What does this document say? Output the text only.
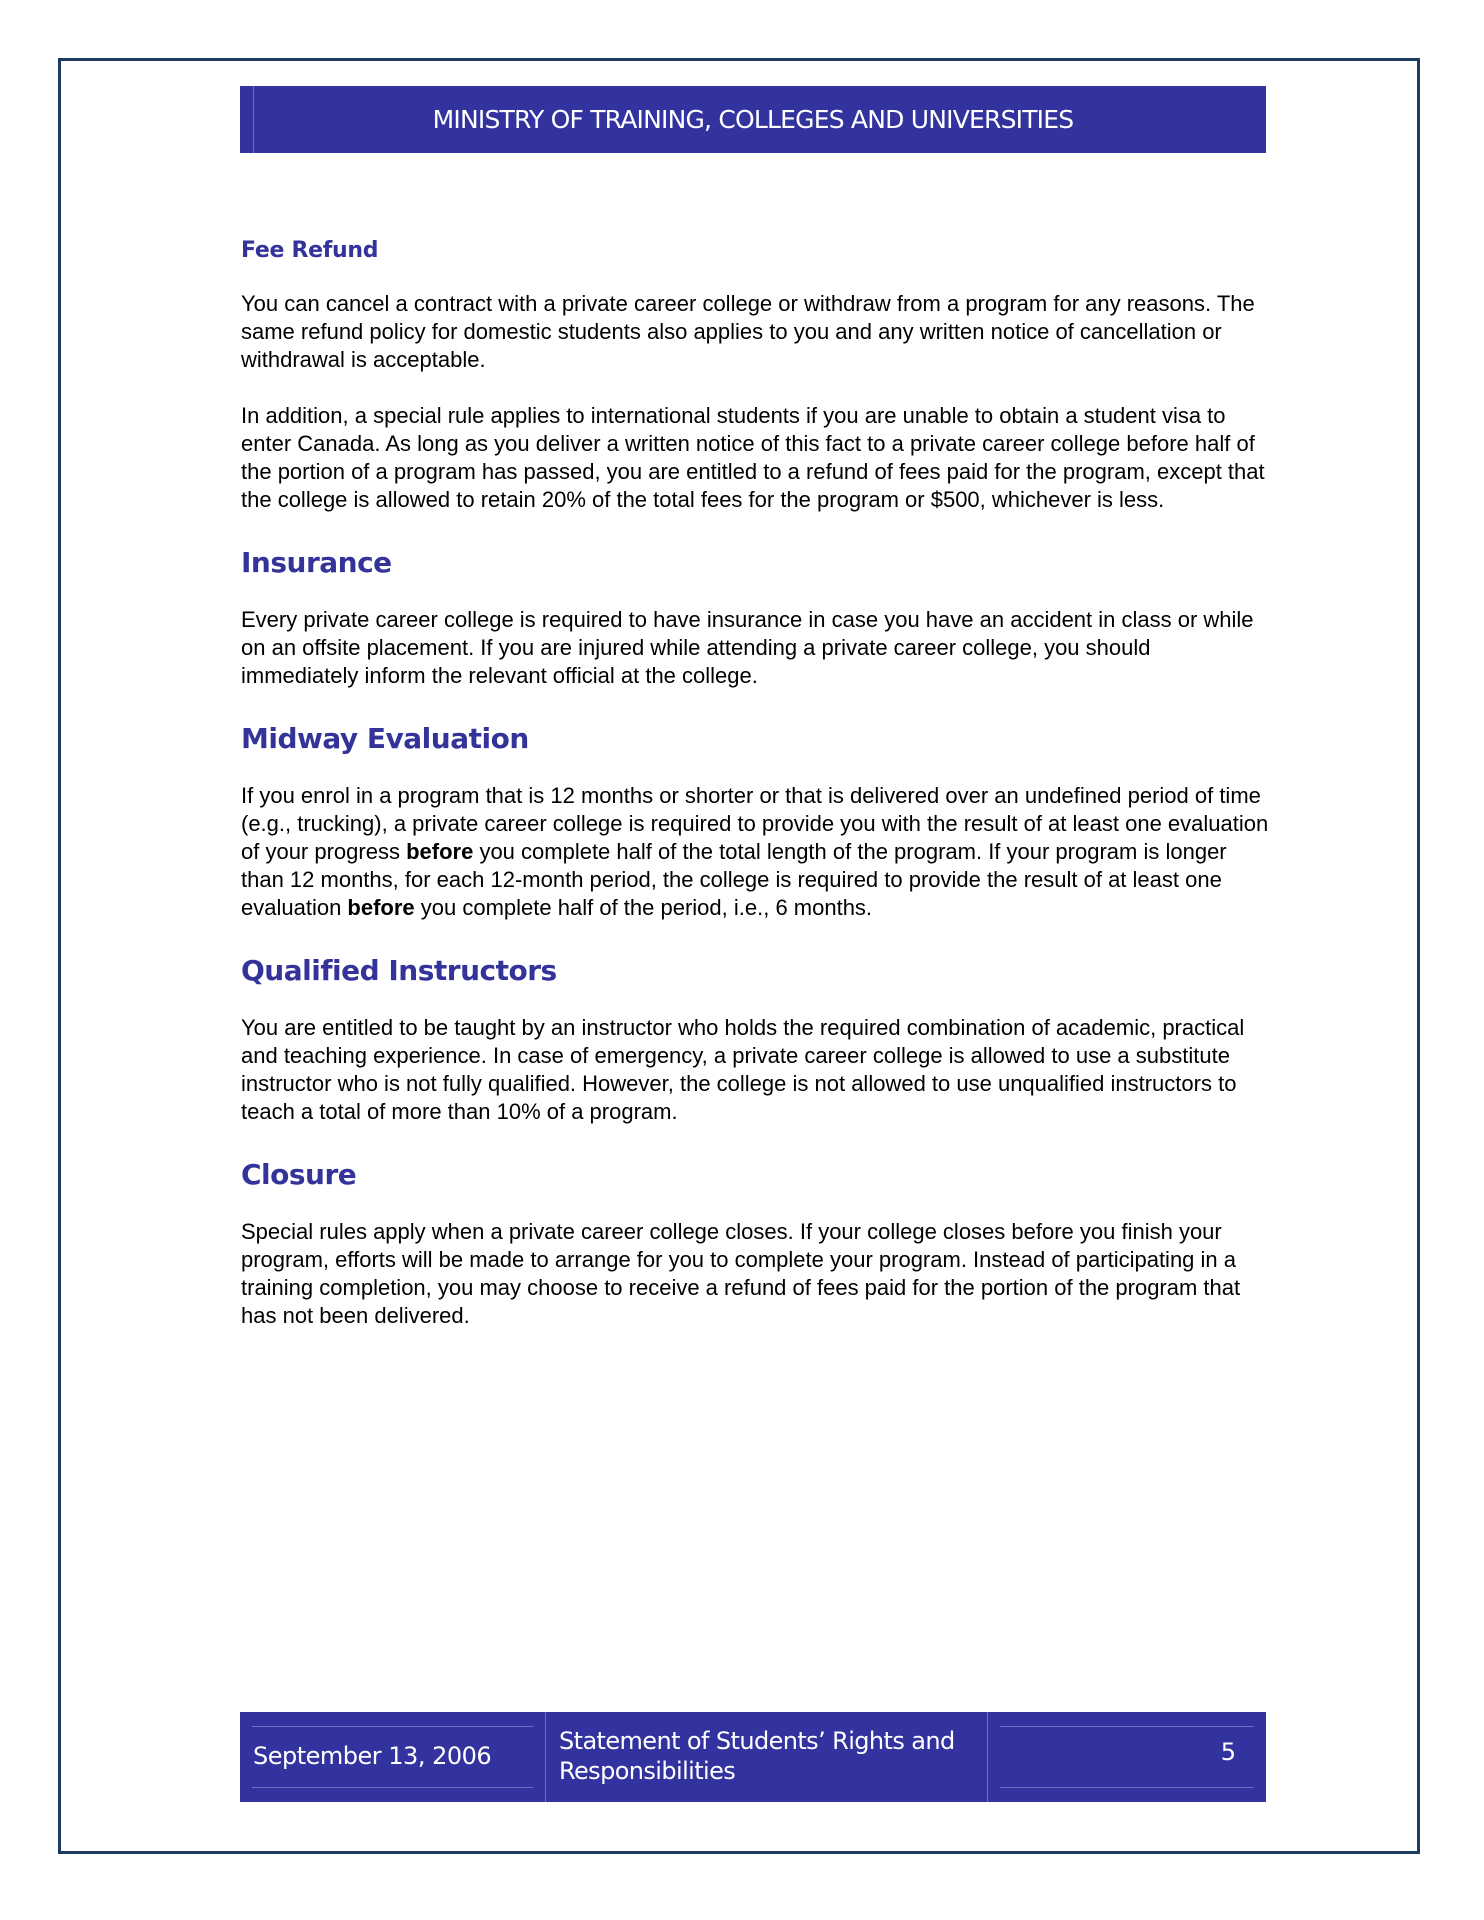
MINISTRY OF TRAINING, COLLEGES AND UNIVERSITIES
Fee Refund

You can cancel a contract with a private career college or withdraw from a program for any reasons. The same refund policy for domestic students also applies to you and any written notice of cancellation or withdrawal is acceptable.

In addition, a special rule applies to international students if you are unable to obtain a student visa to enter Canada. As long as you deliver a written notice of this fact to a private career college before half of the portion of a program has passed, you are entitled to a refund of fees paid for the program, except that the college is allowed to retain 20% of the total fees for the program or $500, whichever is less.

Insurance

Every private career college is required to have insurance in case you have an accident in class or while on an offsite placement. If you are injured while attending a private career college, you should immediately inform the relevant official at the college.

Midway Evaluation

If you enrol in a program that is 12 months or shorter or that is delivered over an undefined period of time (e.g., trucking), a private career college is required to provide you with the result of at least one evaluation of your progress before you complete half of the total length of the program. If your program is longer than 12 months, for each 12-month period, the college is required to provide the result of at least one evaluation before you complete half of the period, i.e., 6 months.

Qualified Instructors

You are entitled to be taught by an instructor who holds the required combination of academic, practical and teaching experience. In case of emergency, a private career college is allowed to use a substitute instructor who is not fully qualified. However, the college is not allowed to use unqualified instructors to teach a total of more than 10% of a program.

Closure

Special rules apply when a private career college closes. If your college closes before you finish your program, efforts will be made to arrange for you to complete your program. Instead of participating in a training completion, you may choose to receive a refund of fees paid for the portion of the program that has not been delivered.

September 13, 2006
Statement of Students’ Rights and Responsibilities
5
